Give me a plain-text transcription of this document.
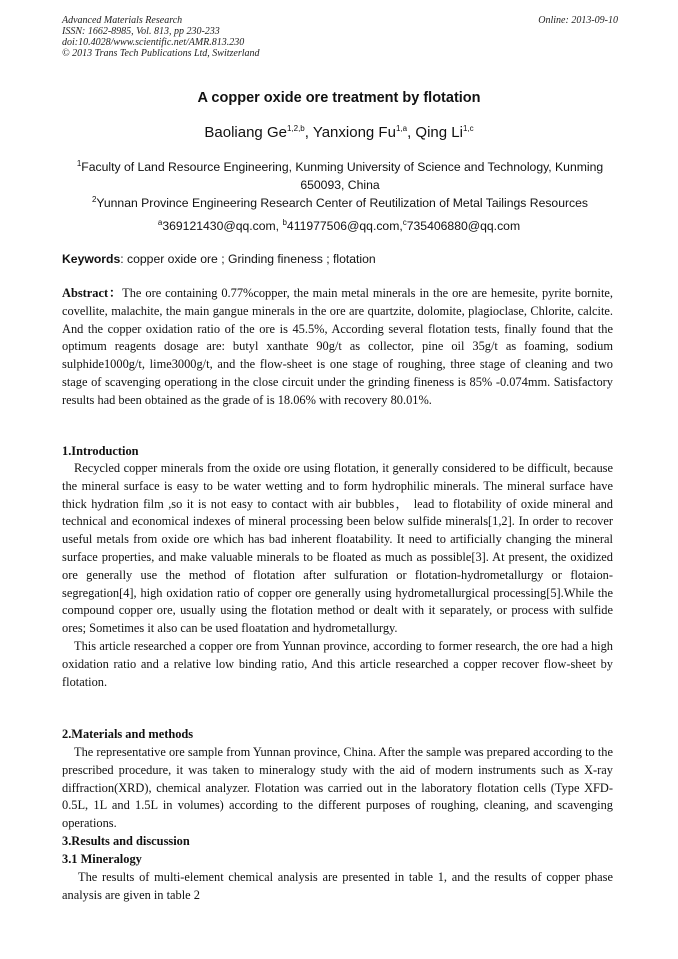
Advanced Materials Research
ISSN: 1662-8985, Vol. 813, pp 230-233
doi:10.4028/www.scientific.net/AMR.813.230
© 2013 Trans Tech Publications Ltd, Switzerland
Online: 2013-09-10
A copper oxide ore treatment by flotation
Baoliang Ge$^{1,2,b}$, Yanxiong Fu$^{1,a}$, Qing Li$^{1,c}$
$^1$Faculty of Land Resource Engineering, Kunming University of Science and Technology, Kunming
650093, China
$^2$Yunnan Province Engineering Research Center of Reutilization of Metal Tailings Resources
$^a$369121430@qq.com, $^b$411977506@qq.com,$^c$735406880@qq.com
Keywords: copper oxide ore ; Grinding fineness ; flotation

Abstract：The ore containing 0.77%copper, the main metal minerals in the ore are hemesite, pyrite bornite, covellite, malachite, the main gangue minerals in the ore are quartzite, dolomite, plagioclase, Chlorite, calcite. And the copper oxidation ratio of the ore is 45.5%, According several flotation tests, finally found that the optimum reagents dosage are: butyl xanthate 90g/t as collector, pine oil 35g/t as foaming, sodium sulphide1000g/t, lime3000g/t, and the flow-sheet is one stage of roughing, three stage of cleaning and two stage of scavenging operationg in the close circuit under the grinding fineness is 85% -0.074mm. Satisfactory results had been obtained as the grade of is 18.06% with recovery 80.01%.

1.Introduction

Recycled copper minerals from the oxide ore using flotation, it generally considered to be difficult, because the mineral surface is easy to be water wetting and to form hydrophilic minerals. The mineral surface have thick hydration film ,so it is not easy to contact with air bubbles， lead to flotability of oxide mineral and technical and economical indexes of mineral processing been below sulfide minerals[1,2]. In order to recover useful metals from oxide ore which has bad inherent floatability. It need to artificially changing the mineral surface properties, and make valuable minerals to be floated as much as possible[3]. At present, the oxidized ore generally use the method of flotation after sulfuration or flotation-hydrometallurgy or flotaion-segregation[4], high oxidation ratio of copper ore generally using hydrometallurgical processing[5].While the compound copper ore, usually using the flotation method or dealt with it separately, or process with sulfide ores; Sometimes it also can be used floatation and hydrometallurgy.

This article researched a copper ore from Yunnan province, according to former research, the ore had a high oxidation ratio and a relative low binding ratio, And this article researched a copper recover flow-sheet by flotation.

2.Materials and methods

The representative ore sample from Yunnan province, China. After the sample was prepared according to the prescribed procedure, it was taken to mineralogy study with the aid of modern instruments such as X-ray diffraction(XRD), chemical analyzer. Flotation was carried out in the laboratory flotation cells (Type XFD-0.5L, 1L and 1.5L in volumes) according to the different purposes of roughing, cleaning, and scavenging operations.

3.Results and discussion
3.1 Mineralogy

The results of multi-element chemical analysis are presented in table 1, and the results of copper phase analysis are given in table 2
